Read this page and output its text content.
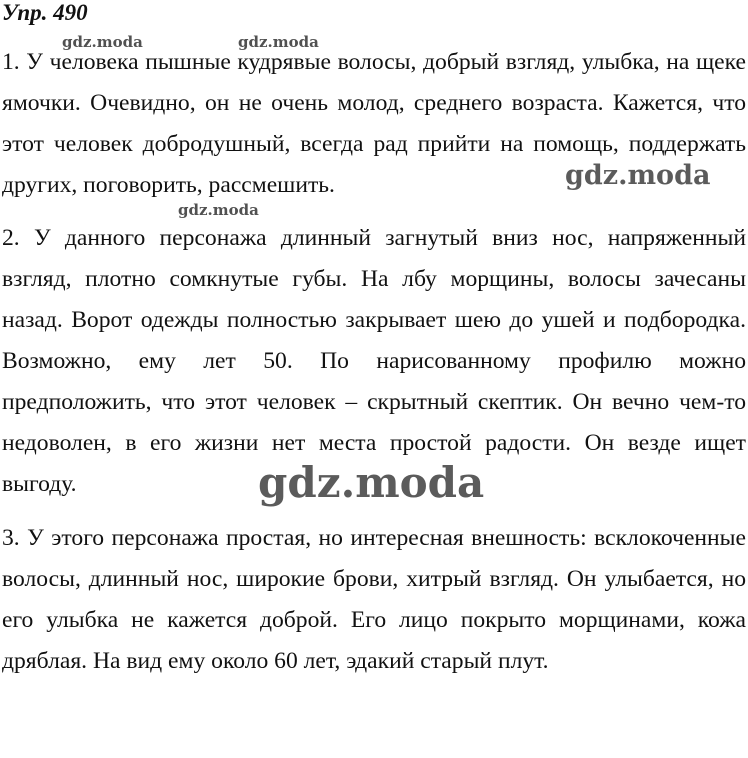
Упр. 490

1. У человека пышные кудрявые волосы, добрый взгляд, улыбка, на щеке ямочки. Очевидно, он не очень молод, среднего возраста. Кажется, что этот человек добродушный, всегда рад прийти на помощь, поддержать других, поговорить, рассмешить.

2. У данного персонажа длинный загнутый вниз нос, напряженный взгляд, плотно сомкнутые губы. На лбу морщины, волосы зачесаны назад. Ворот одежды полностью закрывает шею до ушей и подбородка. Возможно, ему лет 50. По нарисованному профилю можно предположить, что этот человек – скрытный скептик. Он вечно чем-то недоволен, в его жизни нет места простой радости. Он везде ищет выгоду.

3. У этого персонажа простая, но интересная внешность: всклокоченные волосы, длинный нос, широкие брови, хитрый взгляд. Он улыбается, но его улыбка не кажется доброй. Его лицо покрыто морщинами, кожа дряблая. На вид ему около 60 лет, эдакий старый плут.

gdz.moda	gdz.moda
gdz.moda
gdz.moda
gdz.moda
